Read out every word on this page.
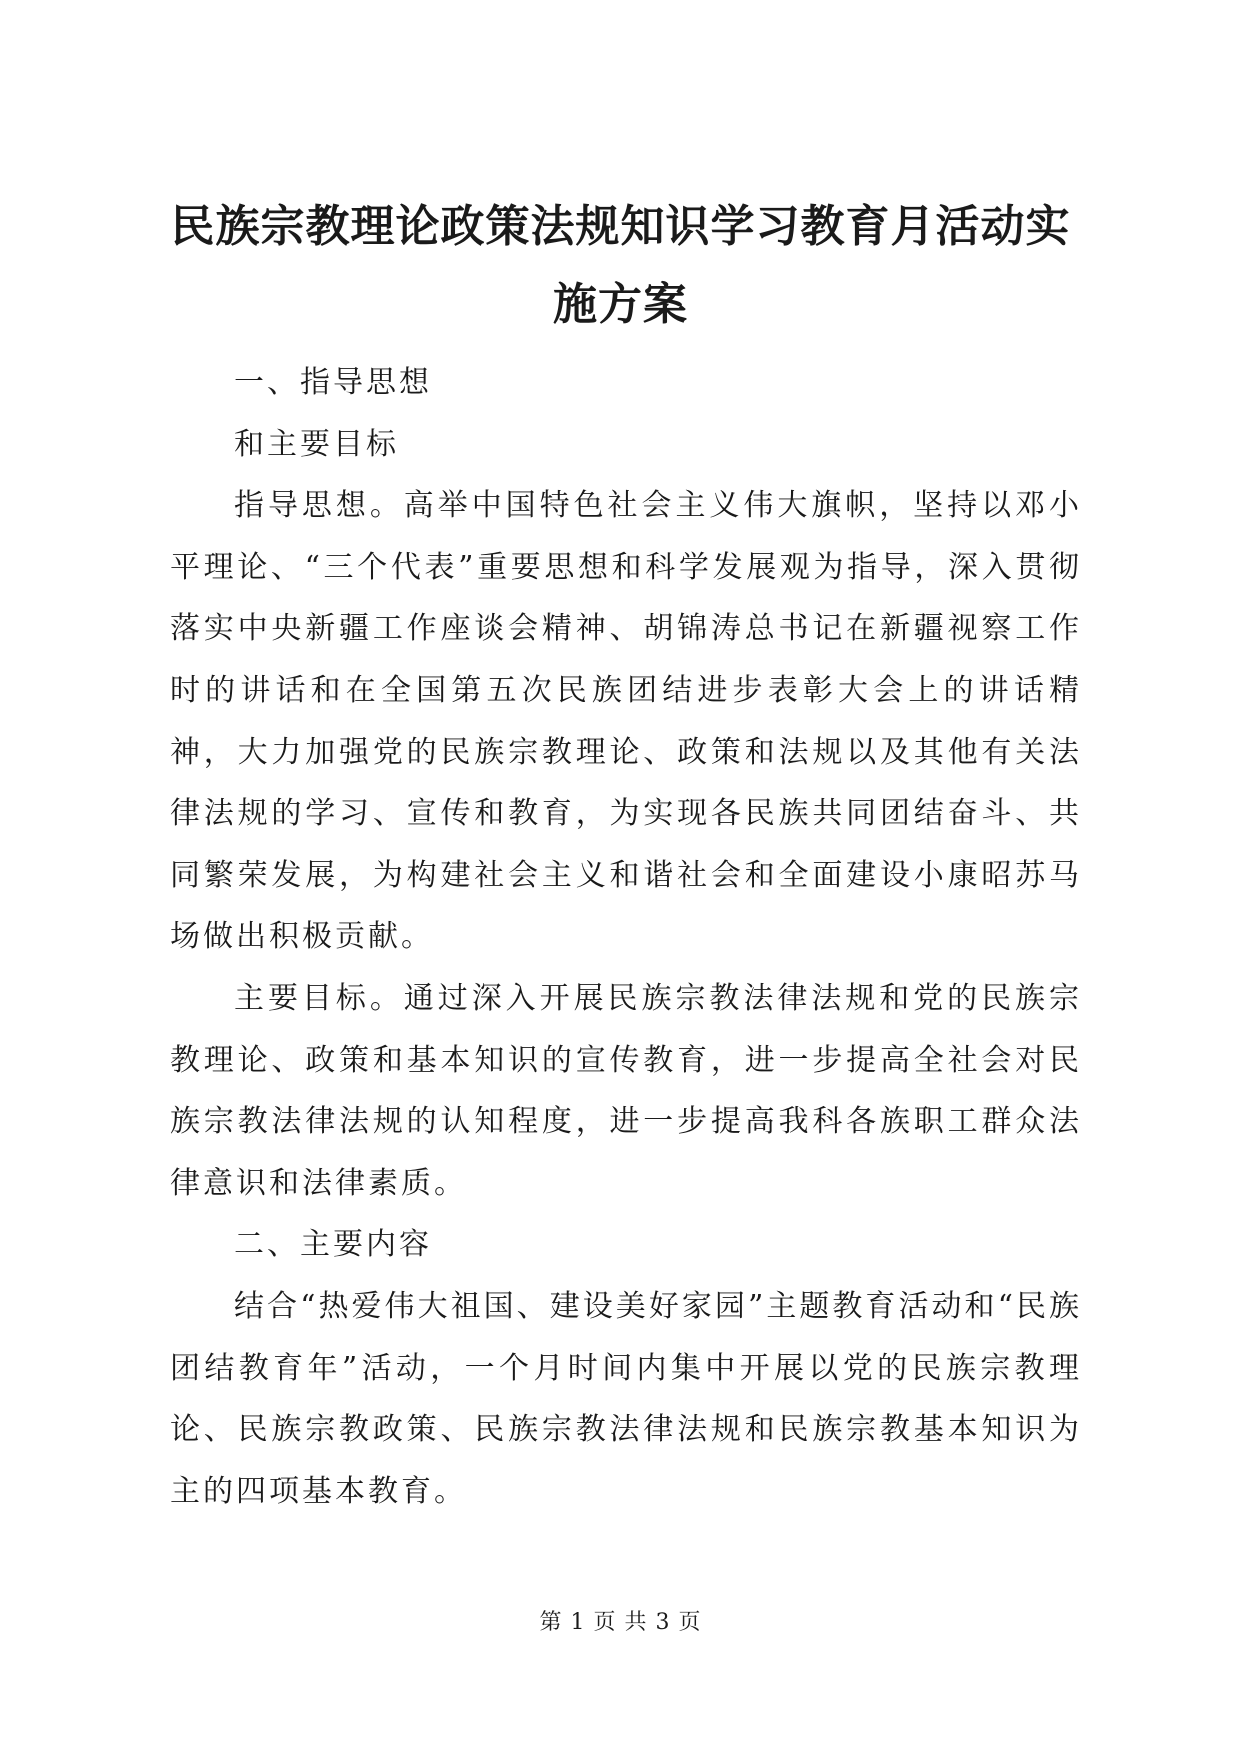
民族宗教理论政策法规知识学习教育月活动实施方案

一、指导思想

和主要目标

指导思想。高举中国特色社会主义伟大旗帜，坚持以邓小平理论、“三个代表”重要思想和科学发展观为指导，深入贯彻落实中央新疆工作座谈会精神、胡锦涛总书记在新疆视察工作时的讲话和在全国第五次民族团结进步表彰大会上的讲话精神，大力加强党的民族宗教理论、政策和法规以及其他有关法律法规的学习、宣传和教育，为实现各民族共同团结奋斗、共同繁荣发展，为构建社会主义和谐社会和全面建设小康昭苏马场做出积极贡献。

主要目标。通过深入开展民族宗教法律法规和党的民族宗教理论、政策和基本知识的宣传教育，进一步提高全社会对民族宗教法律法规的认知程度，进一步提高我科各族职工群众法律意识和法律素质。

二、主要内容

结合“热爱伟大祖国、建设美好家园”主题教育活动和“民族团结教育年”活动，一个月时间内集中开展以党的民族宗教理论、民族宗教政策、民族宗教法律法规和民族宗教基本知识为主的四项基本教育。

第 1 页 共 3 页
